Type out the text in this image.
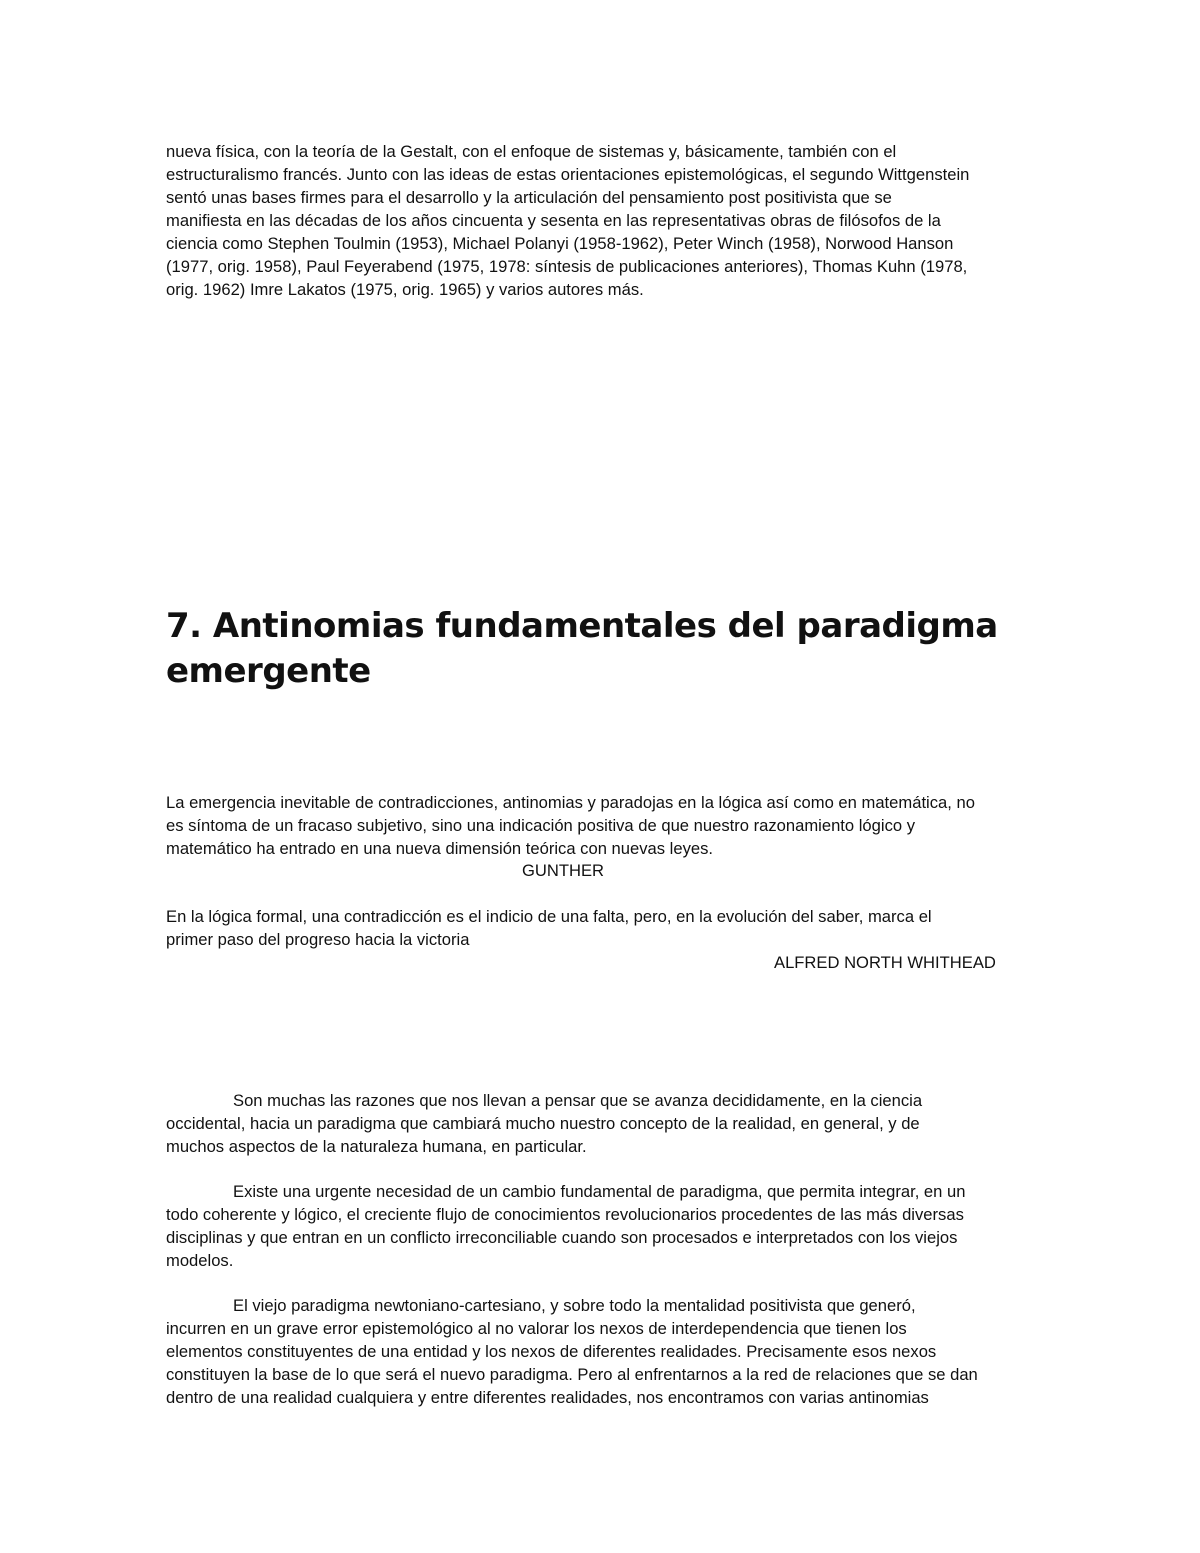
nueva física, con la teoría de la Gestalt, con el enfoque de sistemas y, básicamente, también con el
estructuralismo francés. Junto con las ideas de estas orientaciones epistemológicas, el segundo Wittgenstein
sentó unas bases firmes para el desarrollo y la articulación del pensamiento post positivista que se
manifiesta en las décadas de los años cincuenta y sesenta en las representativas obras de filósofos de la
ciencia como Stephen Toulmin (1953), Michael Polanyi (1958-1962), Peter Winch (1958), Norwood Hanson
(1977, orig. 1958), Paul Feyerabend (1975, 1978: síntesis de publicaciones anteriores), Thomas Kuhn (1978,
orig. 1962) Imre Lakatos (1975, orig. 1965) y varios autores más.
7. Antinomias fundamentales del paradigma
emergente
La emergencia inevitable de contradicciones, antinomias y paradojas en la lógica así como en matemática, no
es síntoma de un fracaso subjetivo, sino una indicación positiva de que nuestro razonamiento lógico y
matemático ha entrado en una nueva dimensión teórica con nuevas leyes.

GUNTHER

En la lógica formal, una contradicción es el indicio de una falta, pero, en la evolución del saber, marca el
primer paso del progreso hacia la victoria

ALFRED NORTH WHITHEAD

Son muchas las razones que nos llevan a pensar que se avanza decididamente, en la ciencia
occidental, hacia un paradigma que cambiará mucho nuestro concepto de la realidad, en general, y de
muchos aspectos de la naturaleza humana, en particular.
Existe una urgente necesidad de un cambio fundamental de paradigma, que permita integrar, en un
todo coherente y lógico, el creciente flujo de conocimientos revolucionarios procedentes de las más diversas
disciplinas y que entran en un conflicto irreconciliable cuando son procesados e interpretados con los viejos
modelos.
El viejo paradigma newtoniano-cartesiano, y sobre todo la mentalidad positivista que generó,
incurren en un grave error epistemológico al no valorar los nexos de interdependencia que tienen los
elementos constituyentes de una entidad y los nexos de diferentes realidades. Precisamente esos nexos
constituyen la base de lo que será el nuevo paradigma. Pero al enfrentarnos a la red de relaciones que se dan
dentro de una realidad cualquiera y entre diferentes realidades, nos encontramos con varias antinomias
